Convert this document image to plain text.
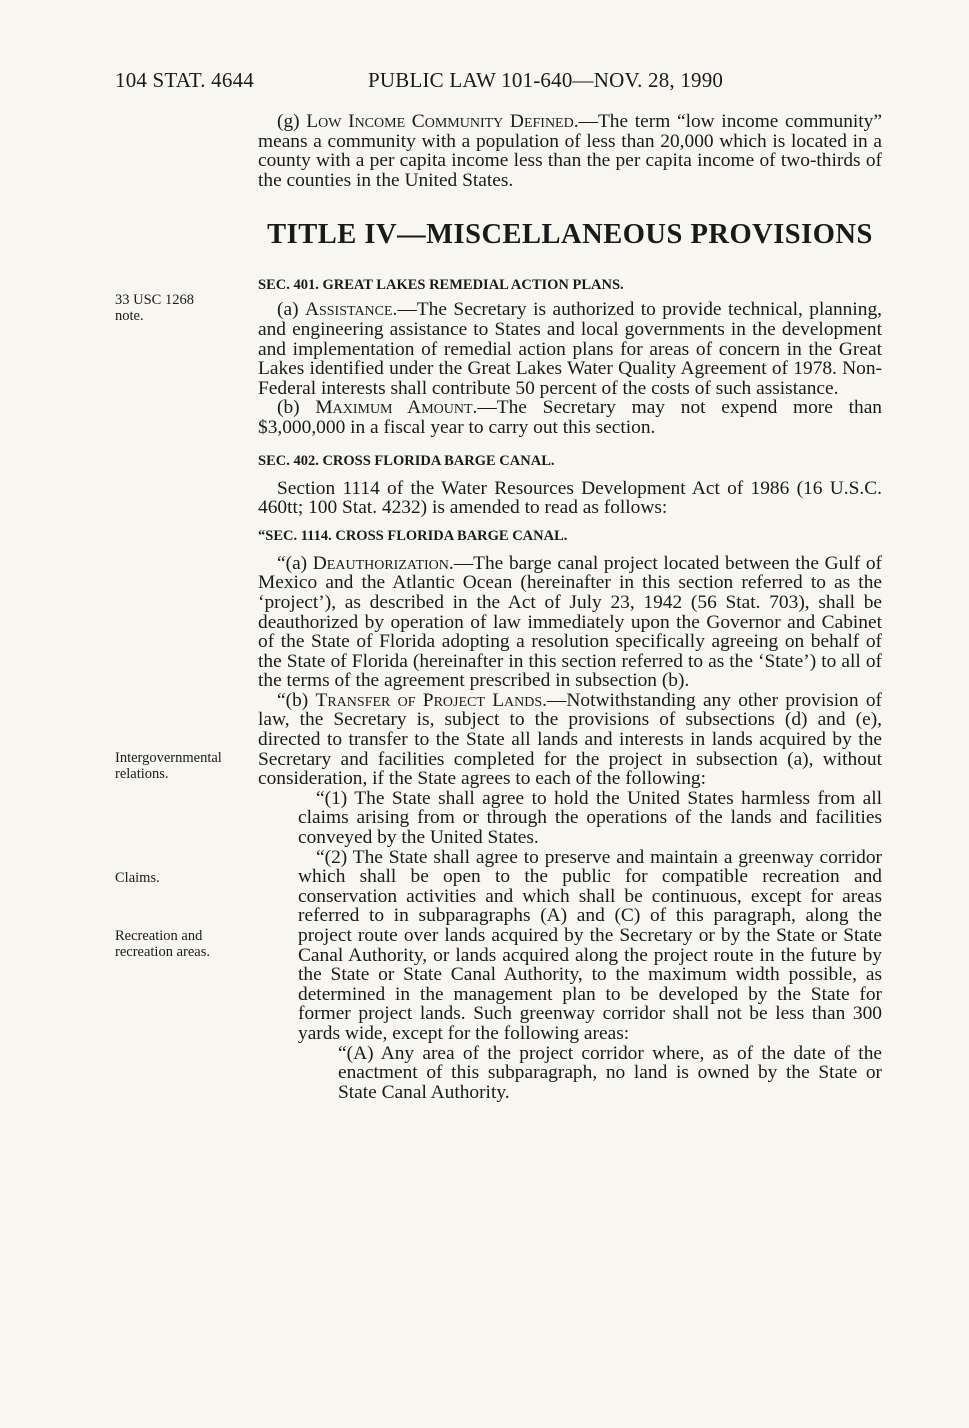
104 STAT. 4644	PUBLIC LAW 101-640—NOV. 28, 1990
33 USC 1268
note.
Intergovernmental
relations.
Claims.
Recreation and
recreation areas.

(g) Low Income Community Defined.—The term “low income community” means a community with a population of less than 20,000 which is located in a county with a per capita income less than the per capita income of two-thirds of the counties in the United States.

TITLE IV—MISCELLANEOUS PROVISIONS

SEC. 401. GREAT LAKES REMEDIAL ACTION PLANS.

(a) Assistance.—The Secretary is authorized to provide technical, planning, and engineering assistance to States and local governments in the development and implementation of remedial action plans for areas of concern in the Great Lakes identified under the Great Lakes Water Quality Agreement of 1978. Non-Federal interests shall contribute 50 percent of the costs of such assistance.

(b) Maximum Amount.—The Secretary may not expend more than $3,000,000 in a fiscal year to carry out this section.

SEC. 402. CROSS FLORIDA BARGE CANAL.

Section 1114 of the Water Resources Development Act of 1986 (16 U.S.C. 460tt; 100 Stat. 4232) is amended to read as follows:

“SEC. 1114. CROSS FLORIDA BARGE CANAL.

“(a) Deauthorization.—The barge canal project located between the Gulf of Mexico and the Atlantic Ocean (hereinafter in this section referred to as the ‘project’), as described in the Act of July 23, 1942 (56 Stat. 703), shall be deauthorized by operation of law immediately upon the Governor and Cabinet of the State of Florida adopting a resolution specifically agreeing on behalf of the State of Florida (hereinafter in this section referred to as the ‘State’) to all of the terms of the agreement prescribed in subsection (b).

“(b) Transfer of Project Lands.—Notwithstanding any other provision of law, the Secretary is, subject to the provisions of subsections (d) and (e), directed to transfer to the State all lands and interests in lands acquired by the Secretary and facilities completed for the project in subsection (a), without consideration, if the State agrees to each of the following:

“(1) The State shall agree to hold the United States harmless from all claims arising from or through the operations of the lands and facilities conveyed by the United States.

“(2) The State shall agree to preserve and maintain a greenway corridor which shall be open to the public for compatible recreation and conservation activities and which shall be continuous, except for areas referred to in subparagraphs (A) and (C) of this paragraph, along the project route over lands acquired by the Secretary or by the State or State Canal Authority, or lands acquired along the project route in the future by the State or State Canal Authority, to the maximum width possible, as determined in the management plan to be developed by the State for former project lands. Such greenway corridor shall not be less than 300 yards wide, except for the following areas:

“(A) Any area of the project corridor where, as of the date of the enactment of this subparagraph, no land is owned by the State or State Canal Authority.
